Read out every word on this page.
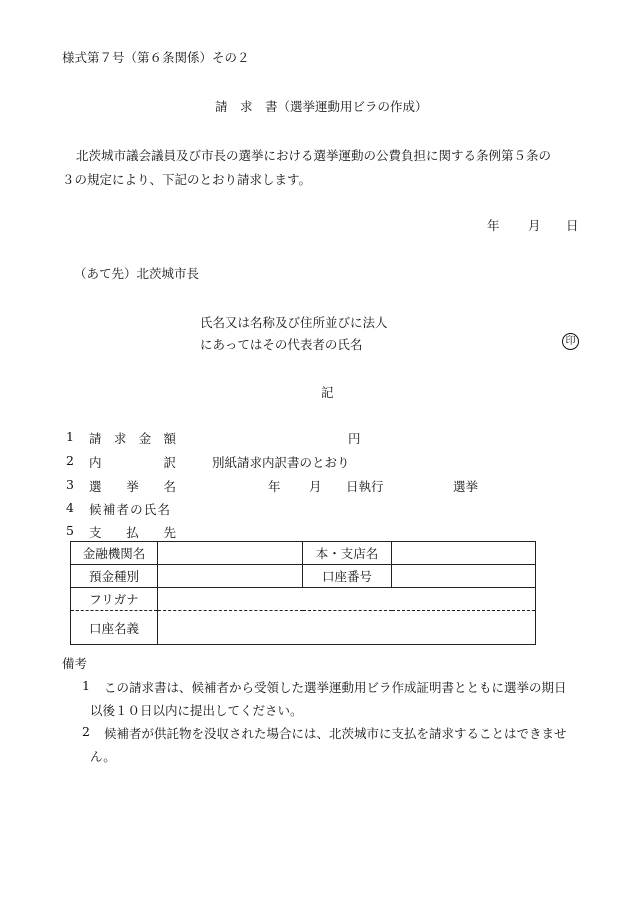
様式第７号（第６条関係）その２
請　求　書（選挙運動用ビラの作成）
北茨城市議会議員及び市長の選挙における選挙運動の公費負担に関する条例第５条の
３の規定により、下記のとおり請求します。
年 月 日
（あて先）北茨城市長
氏名又は名称及び住所並びに法人
にあってはその代表者の氏名	印
記
1 請 求 金 額	円
2 内	訳	別紙請求内訳書のとおり
3 選 挙 名	年 月 日執行	選挙
4 候補者の氏名
5 支 払 先
金融機関名		本・支店名	
預金種別		口座番号	
フリガナ			
口座名義			
備考
1 この請求書は、候補者から受領した選挙運動用ビラ作成証明書とともに選挙の期日
以後１０日以内に提出してください。
2 候補者が供託物を没収された場合には、北茨城市に支払を請求することはできませ
ん。
